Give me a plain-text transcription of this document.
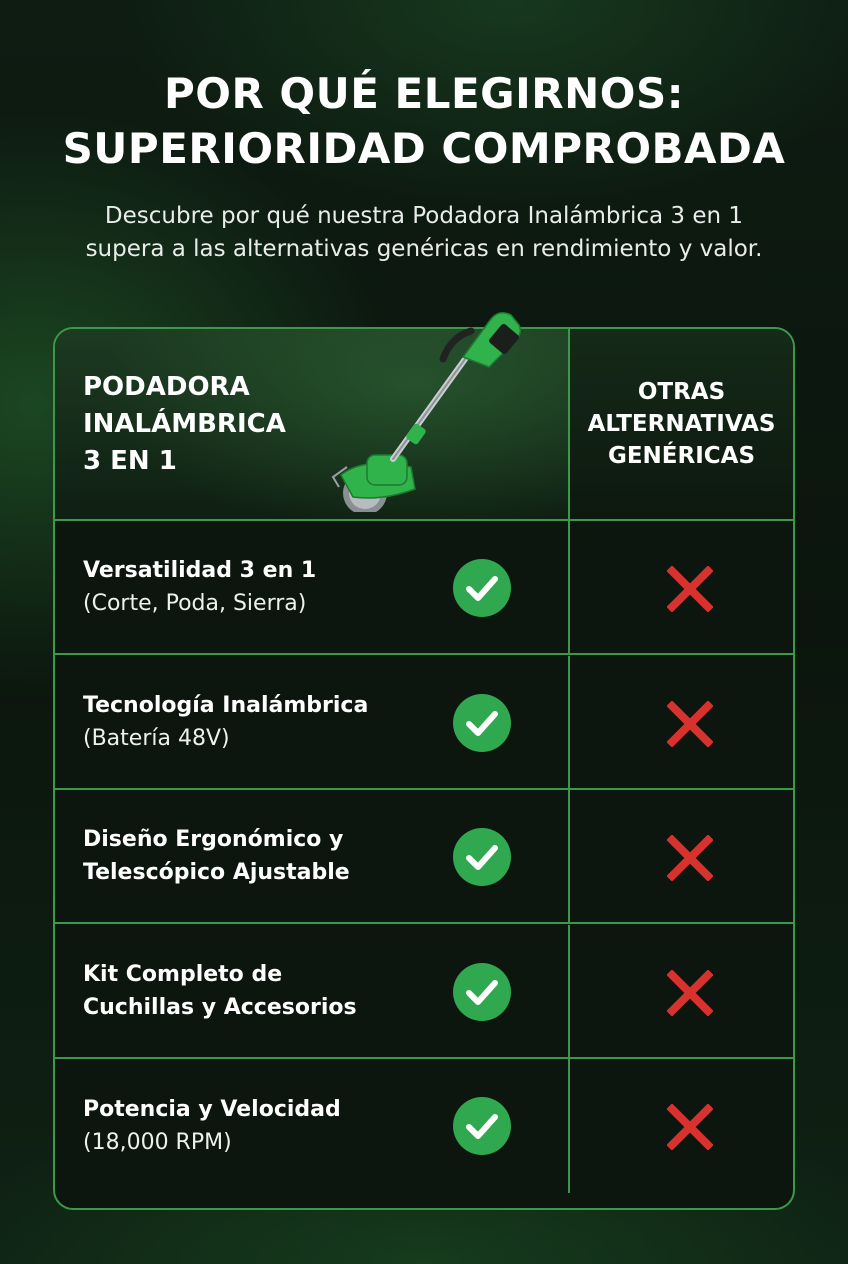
POR QUÉ ELEGIRNOS:
SUPERIORIDAD COMPROBADA
Descubre por qué nuestra Podadora Inalámbrica 3 en 1
supera a las alternativas genéricas en rendimiento y valor.
PODADORA
INALÁMBRICA
3 EN 1
OTRAS
ALTERNATIVAS
GENÉRICAS
Versatilidad 3 en 1
(Corte, Poda, Sierra)
Tecnología Inalámbrica
(Batería 48V)
Diseño Ergonómico y
Telescópico Ajustable
Kit Completo de
Cuchillas y Accesorios
Potencia y Velocidad
(18,000 RPM)
